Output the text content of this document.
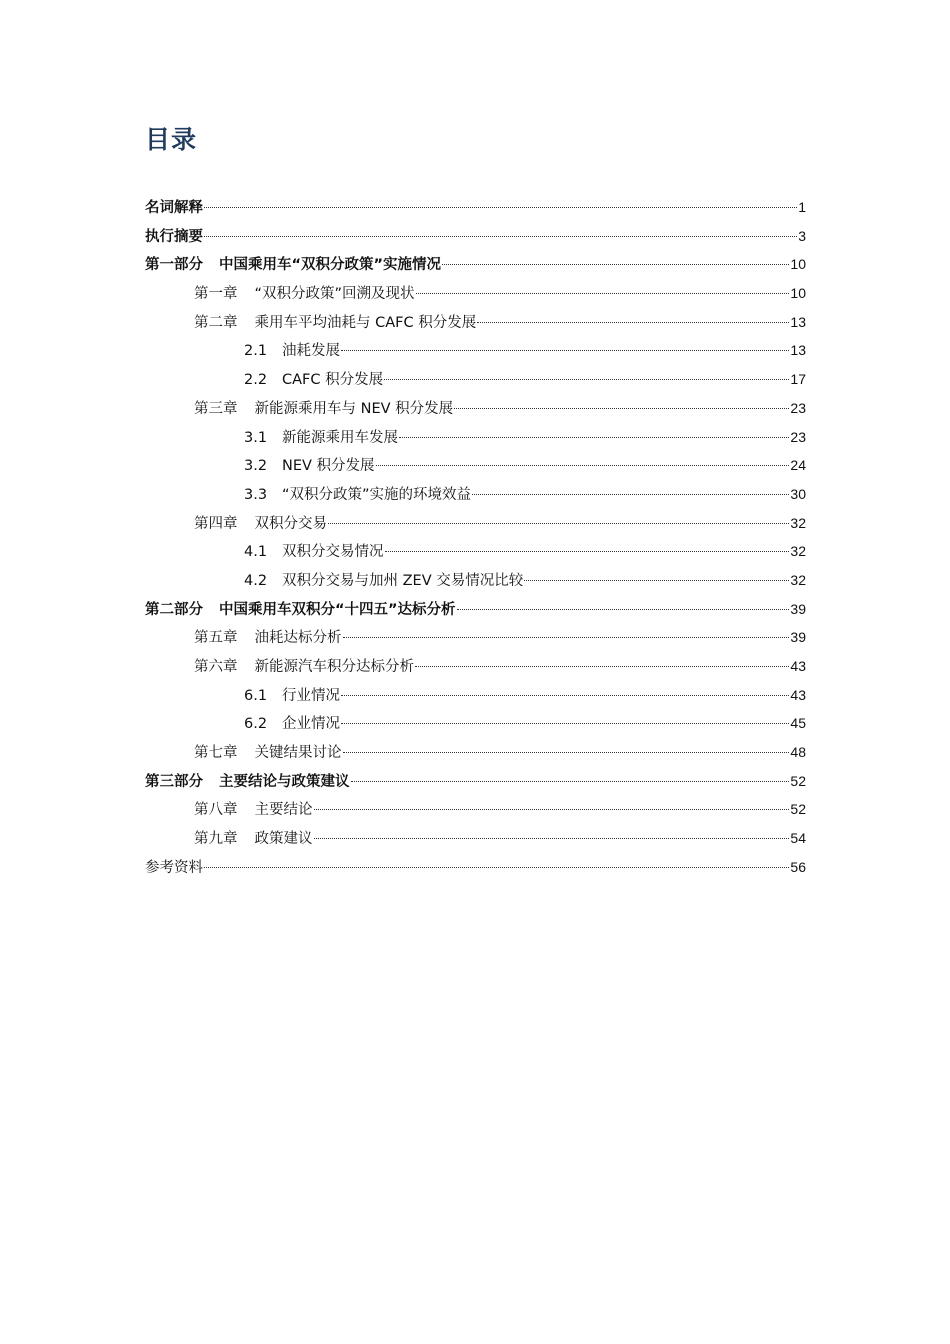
目录
名词解释	1
执行摘要	3
第一部分 中国乘用车“双积分政策”实施情况	10
第一章 “双积分政策”回溯及现状	10
第二章 乘用车平均油耗与 CAFC 积分发展	13
2.1	油耗发展	13
2.2	CAFC 积分发展	17
第三章 新能源乘用车与 NEV 积分发展	23
3.1	新能源乘用车发展	23
3.2	NEV 积分发展	24
3.3	“双积分政策”实施的环境效益	30
第四章 双积分交易	32
4.1	双积分交易情况	32
4.2	双积分交易与加州 ZEV 交易情况比较	32
第二部分 中国乘用车双积分“十四五”达标分析	39
第五章 油耗达标分析	39
第六章 新能源汽车积分达标分析	43
6.1	行业情况	43
6.2	企业情况	45
第七章 关键结果讨论	48
第三部分 主要结论与政策建议	52
第八章 主要结论	52
第九章 政策建议	54
参考资料	56
